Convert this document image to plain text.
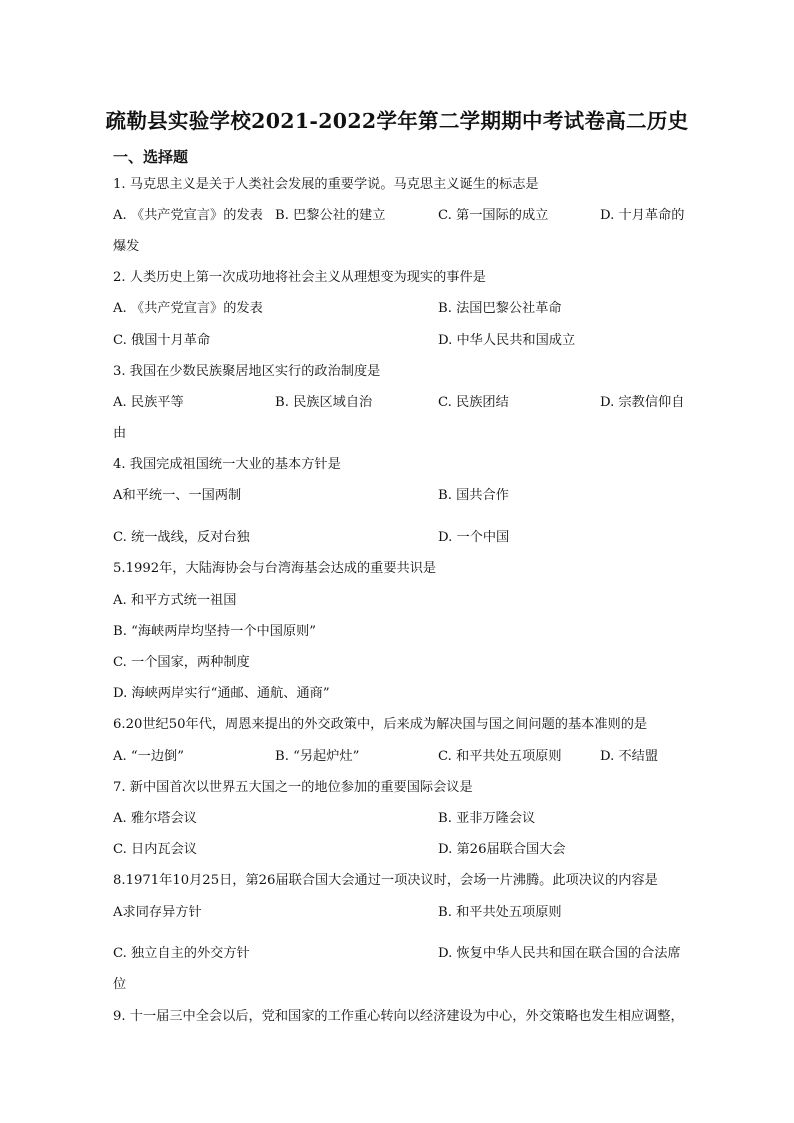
疏勒县实验学校2021-2022学年第二学期期中考试卷高二历史
一、选择题
1. 马克思主义是关于人类社会发展的重要学说。马克思主义诞生的标志是
A. 《共产党宣言》的发表 B. 巴黎公社的建立	C. 第一国际的成立	D. 十月革命的
爆发
2. 人类历史上第一次成功地将社会主义从理想变为现实的事件是
A. 《共产党宣言》的发表	B. 法国巴黎公社革命
C. 俄国十月革命	D. 中华人民共和国成立
3. 我国在少数民族聚居地区实行的政治制度是
A. 民族平等	B. 民族区域自治	C. 民族团结	D. 宗教信仰自
由
4. 我国完成祖国统一大业的基本方针是
A和平统一、一国两制	B. 国共合作
C. 统一战线，反对台独	D. 一个中国
5.1992年，大陆海协会与台湾海基会达成的重要共识是
A. 和平方式统一祖国
B. “海峡两岸均坚持一个中国原则”
C. 一个国家，两种制度
D. 海峡两岸实行“通邮、通航、通商”
6.20世纪50年代，周恩来提出的外交政策中，后来成为解决国与国之间问题的基本准则的是
A. “一边倒”	B. “另起炉灶”	C. 和平共处五项原则	D. 不结盟
7. 新中国首次以世界五大国之一的地位参加的重要国际会议是
A. 雅尔塔会议	B. 亚非万隆会议
C. 日内瓦会议	D. 第26届联合国大会
8.1971年10月25日，第26届联合国大会通过一项决议时，会场一片沸腾。此项决议的内容是
A求同存异方针	B. 和平共处五项原则
C. 独立自主的外交方针	D. 恢复中华人民共和国在联合国的合法席
位
9. 十一届三中全会以后，党和国家的工作重心转向以经济建设为中心，外交策略也发生相应调整，
